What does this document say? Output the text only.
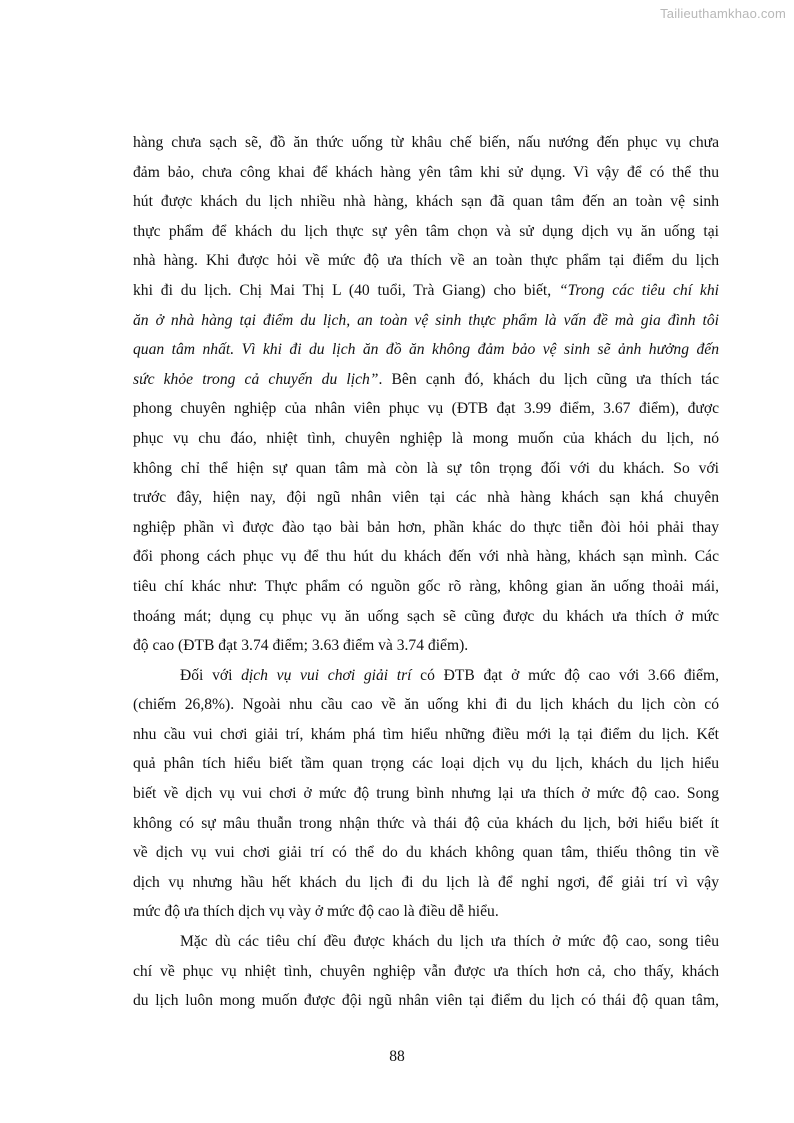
Tailieuthamkhao.com
hàng chưa sạch sẽ, đồ ăn thức uống từ khâu chế biến, nấu nướng đến phục vụ chưa
đảm bảo, chưa công khai để khách hàng yên tâm khi sử dụng. Vì vậy để có thể thu
hút được khách du lịch nhiều nhà hàng, khách sạn đã quan tâm đến an toàn vệ sinh
thực phẩm để khách du lịch thực sự yên tâm chọn và sử dụng dịch vụ ăn uống tại
nhà hàng. Khi được hỏi về mức độ ưa thích về an toàn thực phẩm tại điểm du lịch
khi đi du lịch. Chị Mai Thị L (40 tuổi, Trà Giang) cho biết, “Trong các tiêu chí khi
ăn ở nhà hàng tại điểm du lịch, an toàn vệ sinh thực phẩm là vấn đề mà gia đình tôi
quan tâm nhất. Vì khi đi du lịch ăn đồ ăn không đảm bảo vệ sinh sẽ ảnh hưởng đến
sức khỏe trong cả chuyến du lịch”. Bên cạnh đó, khách du lịch cũng ưa thích tác
phong chuyên nghiệp của nhân viên phục vụ (ĐTB đạt 3.99 điểm, 3.67 điểm), được
phục vụ chu đáo, nhiệt tình, chuyên nghiệp là mong muốn của khách du lịch, nó
không chỉ thể hiện sự quan tâm mà còn là sự tôn trọng đối với du khách. So với
trước đây, hiện nay, đội ngũ nhân viên tại các nhà hàng khách sạn khá chuyên
nghiệp phần vì được đào tạo bài bản hơn, phần khác do thực tiễn đòi hỏi phải thay
đổi phong cách phục vụ để thu hút du khách đến với nhà hàng, khách sạn mình. Các
tiêu chí khác như: Thực phẩm có nguồn gốc rõ ràng, không gian ăn uống thoải mái,
thoáng mát; dụng cụ phục vụ ăn uống sạch sẽ cũng được du khách ưa thích ở mức
độ cao (ĐTB đạt 3.74 điểm; 3.63 điểm và 3.74 điểm).
Đối với dịch vụ vui chơi giải trí có ĐTB đạt ở mức độ cao với 3.66 điểm,
(chiếm 26,8%). Ngoài nhu cầu cao về ăn uống khi đi du lịch khách du lịch còn có
nhu cầu vui chơi giải trí, khám phá tìm hiểu những điều mới lạ tại điểm du lịch. Kết
quả phân tích hiểu biết tầm quan trọng các loại dịch vụ du lịch, khách du lịch hiểu
biết về dịch vụ vui chơi ở mức độ trung bình nhưng lại ưa thích ở mức độ cao. Song
không có sự mâu thuẫn trong nhận thức và thái độ của khách du lịch, bởi hiểu biết ít
về dịch vụ vui chơi giải trí có thể do du khách không quan tâm, thiếu thông tin về
dịch vụ nhưng hầu hết khách du lịch đi du lịch là để nghỉ ngơi, để giải trí vì vậy
mức độ ưa thích dịch vụ vày ở mức độ cao là điều dễ hiểu.
Mặc dù các tiêu chí đều được khách du lịch ưa thích ở mức độ cao, song tiêu
chí về phục vụ nhiệt tình, chuyên nghiệp vẫn được ưa thích hơn cả, cho thấy, khách
du lịch luôn mong muốn được đội ngũ nhân viên tại điểm du lịch có thái độ quan tâm,
88
